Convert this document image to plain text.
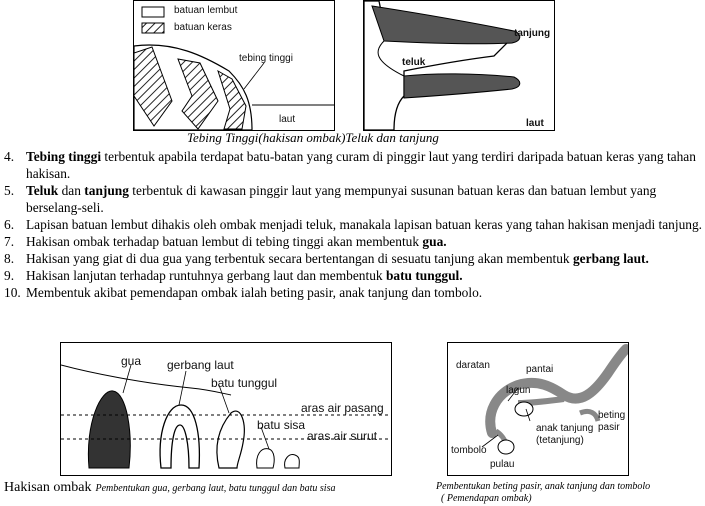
batuan lembut
batuan keras
tebing tinggi
laut
tanjung
teluk
laut
Tebing Tinggi(hakisan ombak)Teluk dan tanjung
4. Tebing tinggi terbentuk apabila terdapat batu-batan yang curam di pinggir laut yang terdiri daripada batuan keras yang tahan hakisan.
5. Teluk dan tanjung terbentuk di kawasan pinggir laut yang mempunyai susunan batuan keras dan batuan lembut yang berselang-seli.
6. Lapisan batuan lembut dihakis oleh ombak menjadi teluk, manakala lapisan batuan keras yang tahan hakisan menjadi tanjung.
7. Hakisan ombak terhadap batuan lembut di tebing tinggi akan membentuk gua.
8. Hakisan yang giat di dua gua yang terbentuk secara bertentangan di sesuatu tanjung akan membentuk gerbang laut.
9. Hakisan lanjutan terhadap runtuhnya gerbang laut dan membentuk batu tunggul.
10. Membentuk akibat pemendapan ombak ialah beting pasir, anak tanjung dan tombolo.
gua gerbang laut
batu tunggul
aras air pasang
batu sisa
aras air surut
daratan	pantai
lagun
beting pasir
anak tanjung (tetanjung)
tombolo
pulau
Hakisan ombak Pembentukan gua, gerbang laut, batu tunggul dan batu sisa	Pembentukan beting pasir, anak tanjung dan tombolo
( Pemendapan ombak)
